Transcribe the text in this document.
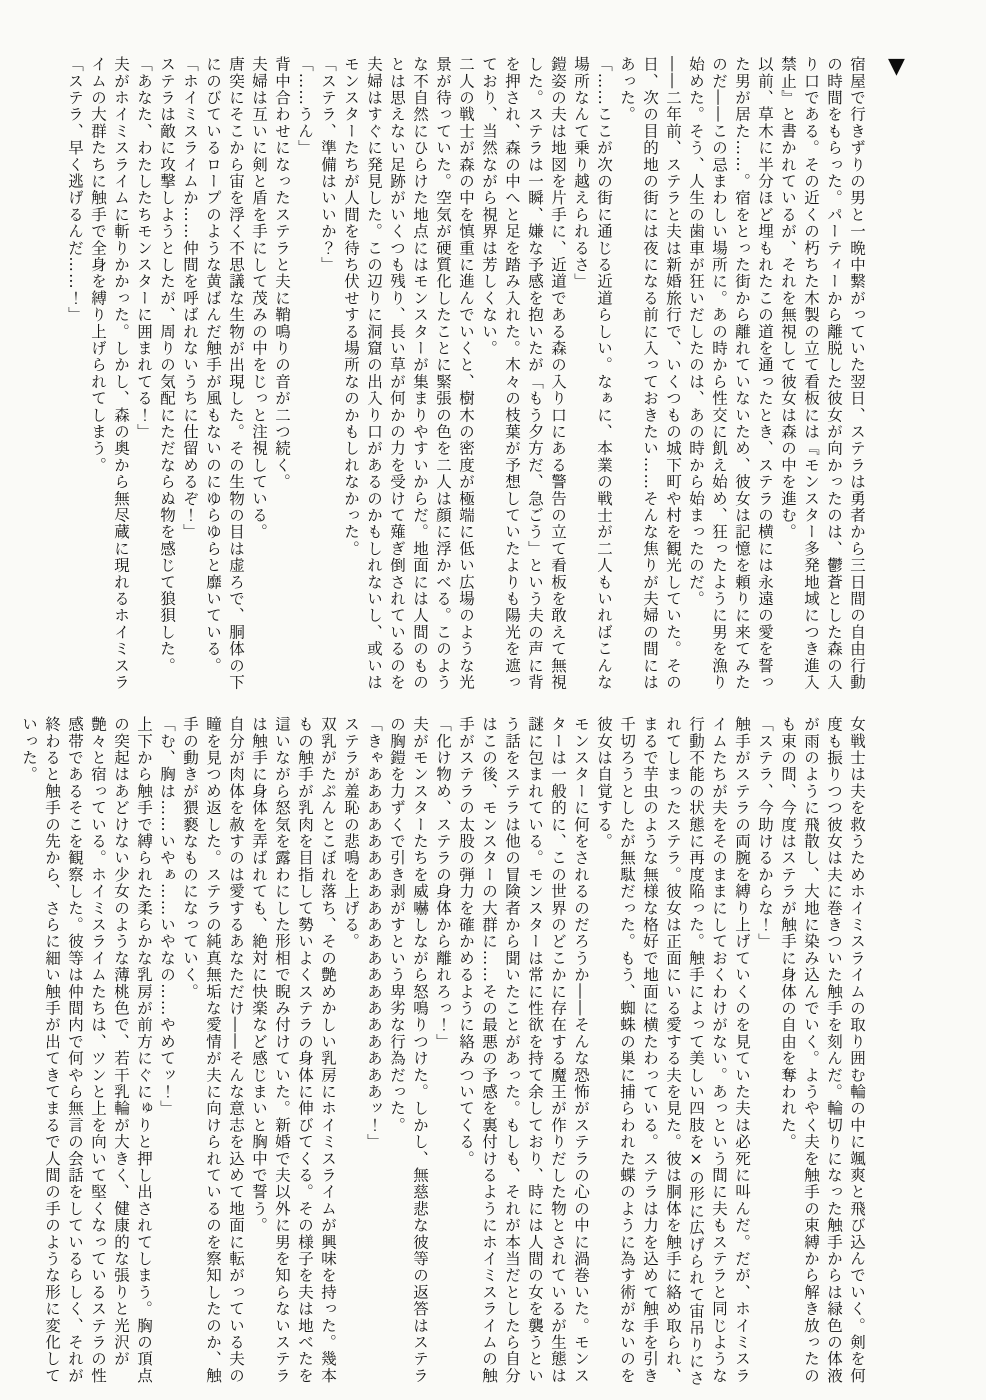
▼

宿屋で行きずりの男と一晩中繋がっていた翌日、ステラは勇者から三日間の自由行動の時間をもらった。パーティーから離脱した彼女が向かったのは、鬱蒼とした森の入り口である。その近くの朽ちた木製の立て看板には『モンスター多発地域につき進入禁止』と書かれているが、それを無視して彼女は森の中を進む。

以前、草木に半分ほど埋もれたこの道を通ったとき、ステラの横には永遠の愛を誓った男が居た……。宿をとった街から離れていないため、彼女は記憶を頼りに来てみたのだ――この忌まわしい場所に。あの時から性交に飢え始め、狂ったように男を漁り始めた。そう、人生の歯車が狂いだしたのは、あの時から始まったのだ。

――二年前、ステラと夫は新婚旅行で、いくつもの城下町や村を観光していた。その日、次の目的地の街には夜になる前に入っておきたい……そんな焦りが夫婦の間にはあった。

「……ここが次の街に通じる近道らしい。なぁに、本業の戦士が二人もいればこんな場所なんて乗り越えられるさ」

鎧姿の夫は地図を片手に、近道である森の入り口にある警告の立て看板を敢えて無視した。ステラは一瞬、嫌な予感を抱いたが「もう夕方だ、急ごう」という夫の声に背を押され、森の中へと足を踏み入れた。木々の枝葉が予想していたよりも陽光を遮っており、当然ながら視界は芳しくない。

二人の戦士が森の中を慎重に進んでいくと、樹木の密度が極端に低い広場のような光景が待っていた。空気が硬質化したことに緊張の色を二人は顔に浮かべる。このような不自然にひらけた地点にはモンスターが集まりやすいからだ。地面には人間のものとは思えない足跡がいくつも残り、長い草が何かの力を受けて薙ぎ倒されているのを夫婦はすぐに発見した。この辺りに洞窟の出入り口があるのかもしれないし、或いはモンスターたちが人間を待ち伏せする場所なのかもしれなかった。

「ステラ、準備はいいか？」

「……うん」

背中合わせになったステラと夫に鞘鳴りの音が二つ続く。

夫婦は互いに剣と盾を手にして茂みの中をじっと注視している。

唐突にそこから宙を浮く不思議な生物が出現した。その生物の目は虚ろで、胴体の下にのびているロープのような黄ばんだ触手が風もないのにゆらゆらと靡いている。

「ホイミスライムか……仲間を呼ばれないうちに仕留めるぞ！」

ステラは敵に攻撃しようとしたが、周りの気配にただならぬ物を感じて狼狽した。

「あなた、わたしたちモンスターに囲まれてる！」

夫がホイミスライムに斬りかかった。しかし、森の奥から無尽蔵に現れるホイミスライムの大群たちに触手で全身を縛り上げられてしまう。

「ステラ、早く逃げるんだ……！」

女戦士は夫を救うためホイミスライムの取り囲む輪の中に颯爽と飛び込んでいく。剣を何度も振りつつ彼女は夫に巻きついた触手を刻んだ。輪切りになった触手からは緑色の体液が雨のように飛散し、大地に染み込んでいく。ようやく夫を触手の束縛から解き放ったのも束の間、今度はステラが触手に身体の自由を奪われた。

「ステラ、今助けるからな！」

触手がステラの両腕を縛り上げていくのを見ていた夫は必死に叫んだ。だが、ホイミスライムたちが夫をそのままにしておくわけがない。あっという間に夫もステラと同じような行動不能の状態に再度陥った。触手によって美しい四肢を×の形に広げられて宙吊りにされてしまったステラ。彼女は正面にいる愛する夫を見た。彼は胴体を触手に絡め取られ、まるで芋虫のような無様な格好で地面に横たわっている。ステラは力を込めて触手を引き千切ろうとしたが無駄だった。もう、蜘蛛の巣に捕らわれた蝶のように為す術がないのを彼女は自覚する。

モンスターに何をされるのだろうか――そんな恐怖がステラの心の中に渦巻いた。モンスターは一般的に、この世界のどこかに存在する魔王が作りだした物とされているが生態は謎に包まれている。モンスターは常に性欲を持て余しており、時には人間の女を襲うという話をステラは他の冒険者から聞いたことがあった。もしも、それが本当だとしたら自分はこの後、モンスターの大群に……その最悪の予感を裏付けるようにホイミスライムの触手がステラの太股の弾力を確かめるように絡みついてくる。

「化け物め、ステラの身体から離れろっ！」

夫がモンスターたちを威嚇しながら怒鳴りつけた。しかし、無慈悲な彼等の返答はステラの胸鎧を力ずくで引き剥がすという卑劣な行為だった。

「きゃああああああああああああああああああああッ！」

ステラが羞恥の悲鳴を上げる。

双乳がたぷんとこぼれ落ち、その艶めかしい乳房にホイミスライムが興味を持った。幾本もの触手が乳肉を目指して勢いよくステラの身体に伸びてくる。その様子を夫は地べたを這いながら怒気を露わにした形相で睨み付けていた。新婚で夫以外に男を知らないステラは触手に身体を弄ばれても、絶対に快楽など感じまいと胸中で誓う。

自分が肉体を赦すのは愛するあなただけ――そんな意志を込めて地面に転がっている夫の瞳を見つめ返した。ステラの純真無垢な愛情が夫に向けられているのを察知したのか、触手の動きが猥褻なものになっていく。

「む、胸は……いやぁ……いやなの……やめてッ！」

上下から触手で縛られた柔らかな乳房が前方にぐにゅりと押し出されてしまう。胸の頂点の突起はあどけない少女のような薄桃色で、若干乳輪が大きく、健康的な張りと光沢が艶々と宿っている。ホイミスライムたちは、ツンと上を向いて堅くなっているステラの性感帯であるそこを観察した。彼等は仲間内で何やら無言の会話をしているらしく、それが終わると触手の先から、さらに細い触手が出てきてまるで人間の手のような形に変化していった。
